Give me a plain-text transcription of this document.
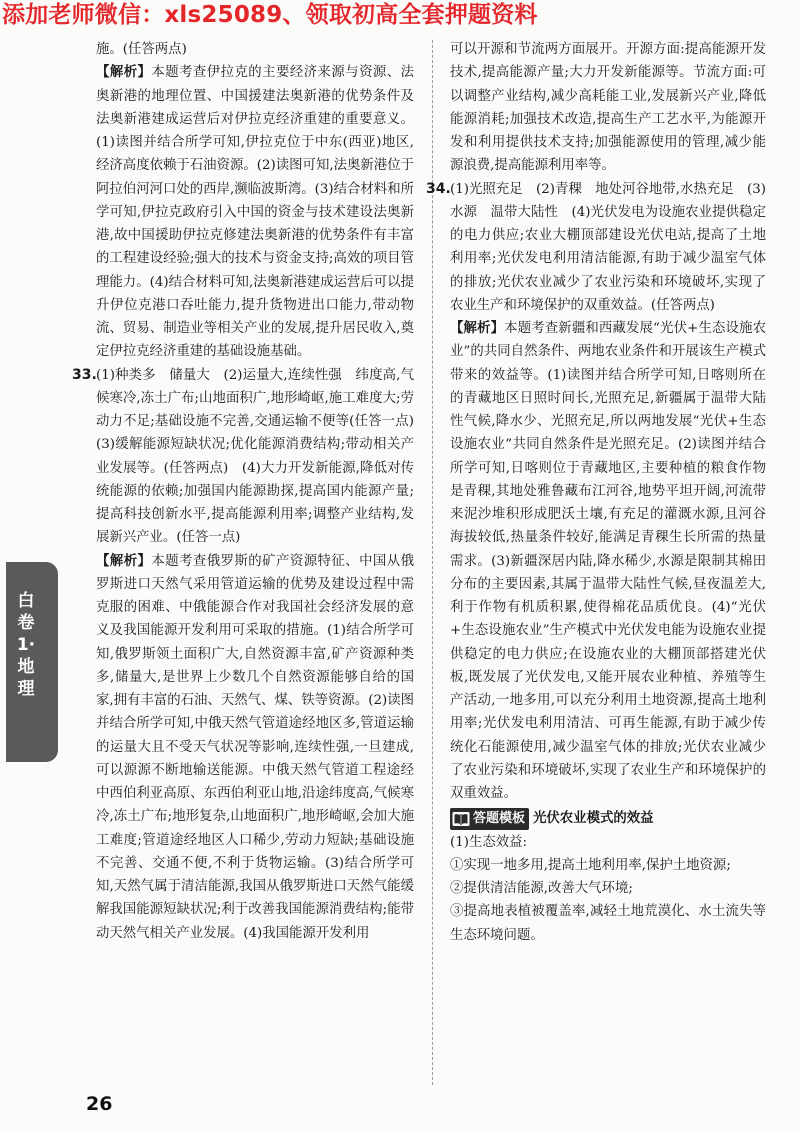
添加老师微信：xls25089、领取初高全套押题资料

施。(任答两点)

【解析】本题考查伊拉克的主要经济来源与资源、法奥新港的地理位置、中国援建法奥新港的优势条件及法奥新港建成运营后对伊拉克经济重建的重要意义。(1)读图并结合所学可知,伊拉克位于中东(西亚)地区,经济高度依赖于石油资源。(2)读图可知,法奥新港位于阿拉伯河河口处的西岸,濒临波斯湾。(3)结合材料和所学可知,伊拉克政府引入中国的资金与技术建设法奥新港,故中国援助伊拉克修建法奥新港的优势条件有丰富的工程建设经验;强大的技术与资金支持;高效的项目管理能力。(4)结合材料可知,法奥新港建成运营后可以提升伊位克港口吞吐能力,提升货物进出口能力,带动物流、贸易、制造业等相关产业的发展,提升居民收入,奠定伊拉克经济重建的基础设施基础。

33. (1)种类多　储量大　(2)运量大,连续性强　纬度高,气候寒冷,冻土广布;山地面积广,地形崎岖,施工难度大;劳动力不足;基础设施不完善,交通运输不便等(任答一点)　(3)缓解能源短缺状况;优化能源消费结构;带动相关产业发展等。(任答两点)　(4)大力开发新能源,降低对传统能源的依赖;加强国内能源勘探,提高国内能源产量;提高科技创新水平,提高能源利用率;调整产业结构,发展新兴产业。(任答一点)

【解析】本题考查俄罗斯的矿产资源特征、中国从俄罗斯进口天然气采用管道运输的优势及建设过程中需克服的困难、中俄能源合作对我国社会经济发展的意义及我国能源开发利用可采取的措施。(1)结合所学可知,俄罗斯领土面积广大,自然资源丰富,矿产资源种类多,储量大,是世界上少数几个自然资源能够自给的国家,拥有丰富的石油、天然气、煤、铁等资源。(2)读图并结合所学可知,中俄天然气管道途经地区多,管道运输的运量大且不受天气状况等影响,连续性强,一旦建成,可以源源不断地输送能源。中俄天然气管道工程途经中西伯利亚高原、东西伯利亚山地,沿途纬度高,气候寒冷,冻土广布;地形复杂,山地面积广,地形崎岖,会加大施工难度;管道途经地区人口稀少,劳动力短缺;基础设施不完善、交通不便,不利于货物运输。(3)结合所学可知,天然气属于清洁能源,我国从俄罗斯进口天然气能缓解我国能源短缺状况;利于改善我国能源消费结构;能带动天然气相关产业发展。(4)我国能源开发利用

可以开源和节流两方面展开。开源方面:提高能源开发技术,提高能源产量;大力开发新能源等。节流方面:可以调整产业结构,减少高耗能工业,发展新兴产业,降低能源消耗;加强技术改造,提高生产工艺水平,为能源开发和利用提供技术支持;加强能源使用的管理,减少能源浪费,提高能源利用率等。

34. (1)光照充足　(2)青稞　地处河谷地带,水热充足　(3)水源　温带大陆性　(4)光伏发电为设施农业提供稳定的电力供应;农业大棚顶部建设光伏电站,提高了土地利用率;光伏发电利用清洁能源,有助于减少温室气体的排放;光伏农业减少了农业污染和环境破坏,实现了农业生产和环境保护的双重效益。(任答两点)

【解析】本题考查新疆和西藏发展“光伏+生态设施农业”的共同自然条件、两地农业条件和开展该生产模式带来的效益等。(1)读图并结合所学可知,日喀则所在的青藏地区日照时间长,光照充足,新疆属于温带大陆性气候,降水少、光照充足,所以两地发展“光伏+生态设施农业”共同自然条件是光照充足。(2)读图并结合所学可知,日喀则位于青藏地区,主要种植的粮食作物是青稞,其地处雅鲁藏布江河谷,地势平坦开阔,河流带来泥沙堆积形成肥沃土壤,有充足的灌溉水源,且河谷海拔较低,热量条件较好,能满足青稞生长所需的热量需求。(3)新疆深居内陆,降水稀少,水源是限制其棉田分布的主要因素,其属于温带大陆性气候,昼夜温差大,利于作物有机质积累,使得棉花品质优良。(4)“光伏+生态设施农业”生产模式中光伏发电能为设施农业提供稳定的电力供应;在设施农业的大棚顶部搭建光伏板,既发展了光伏发电,又能开展农业种植、养殖等生产活动,一地多用,可以充分利用土地资源,提高土地利用率;光伏发电利用清洁、可再生能源,有助于减少传统化石能源使用,减少温室气体的排放;光伏农业减少了农业污染和环境破坏,实现了农业生产和环境保护的双重效益。

答题模板 光伏农业模式的效益

(1)生态效益:

①实现一地多用,提高土地利用率,保护土地资源;

②提供清洁能源,改善大气环境;

③提高地表植被覆盖率,减轻土地荒漠化、水土流失等生态环境问题。

白卷1·地理
26
